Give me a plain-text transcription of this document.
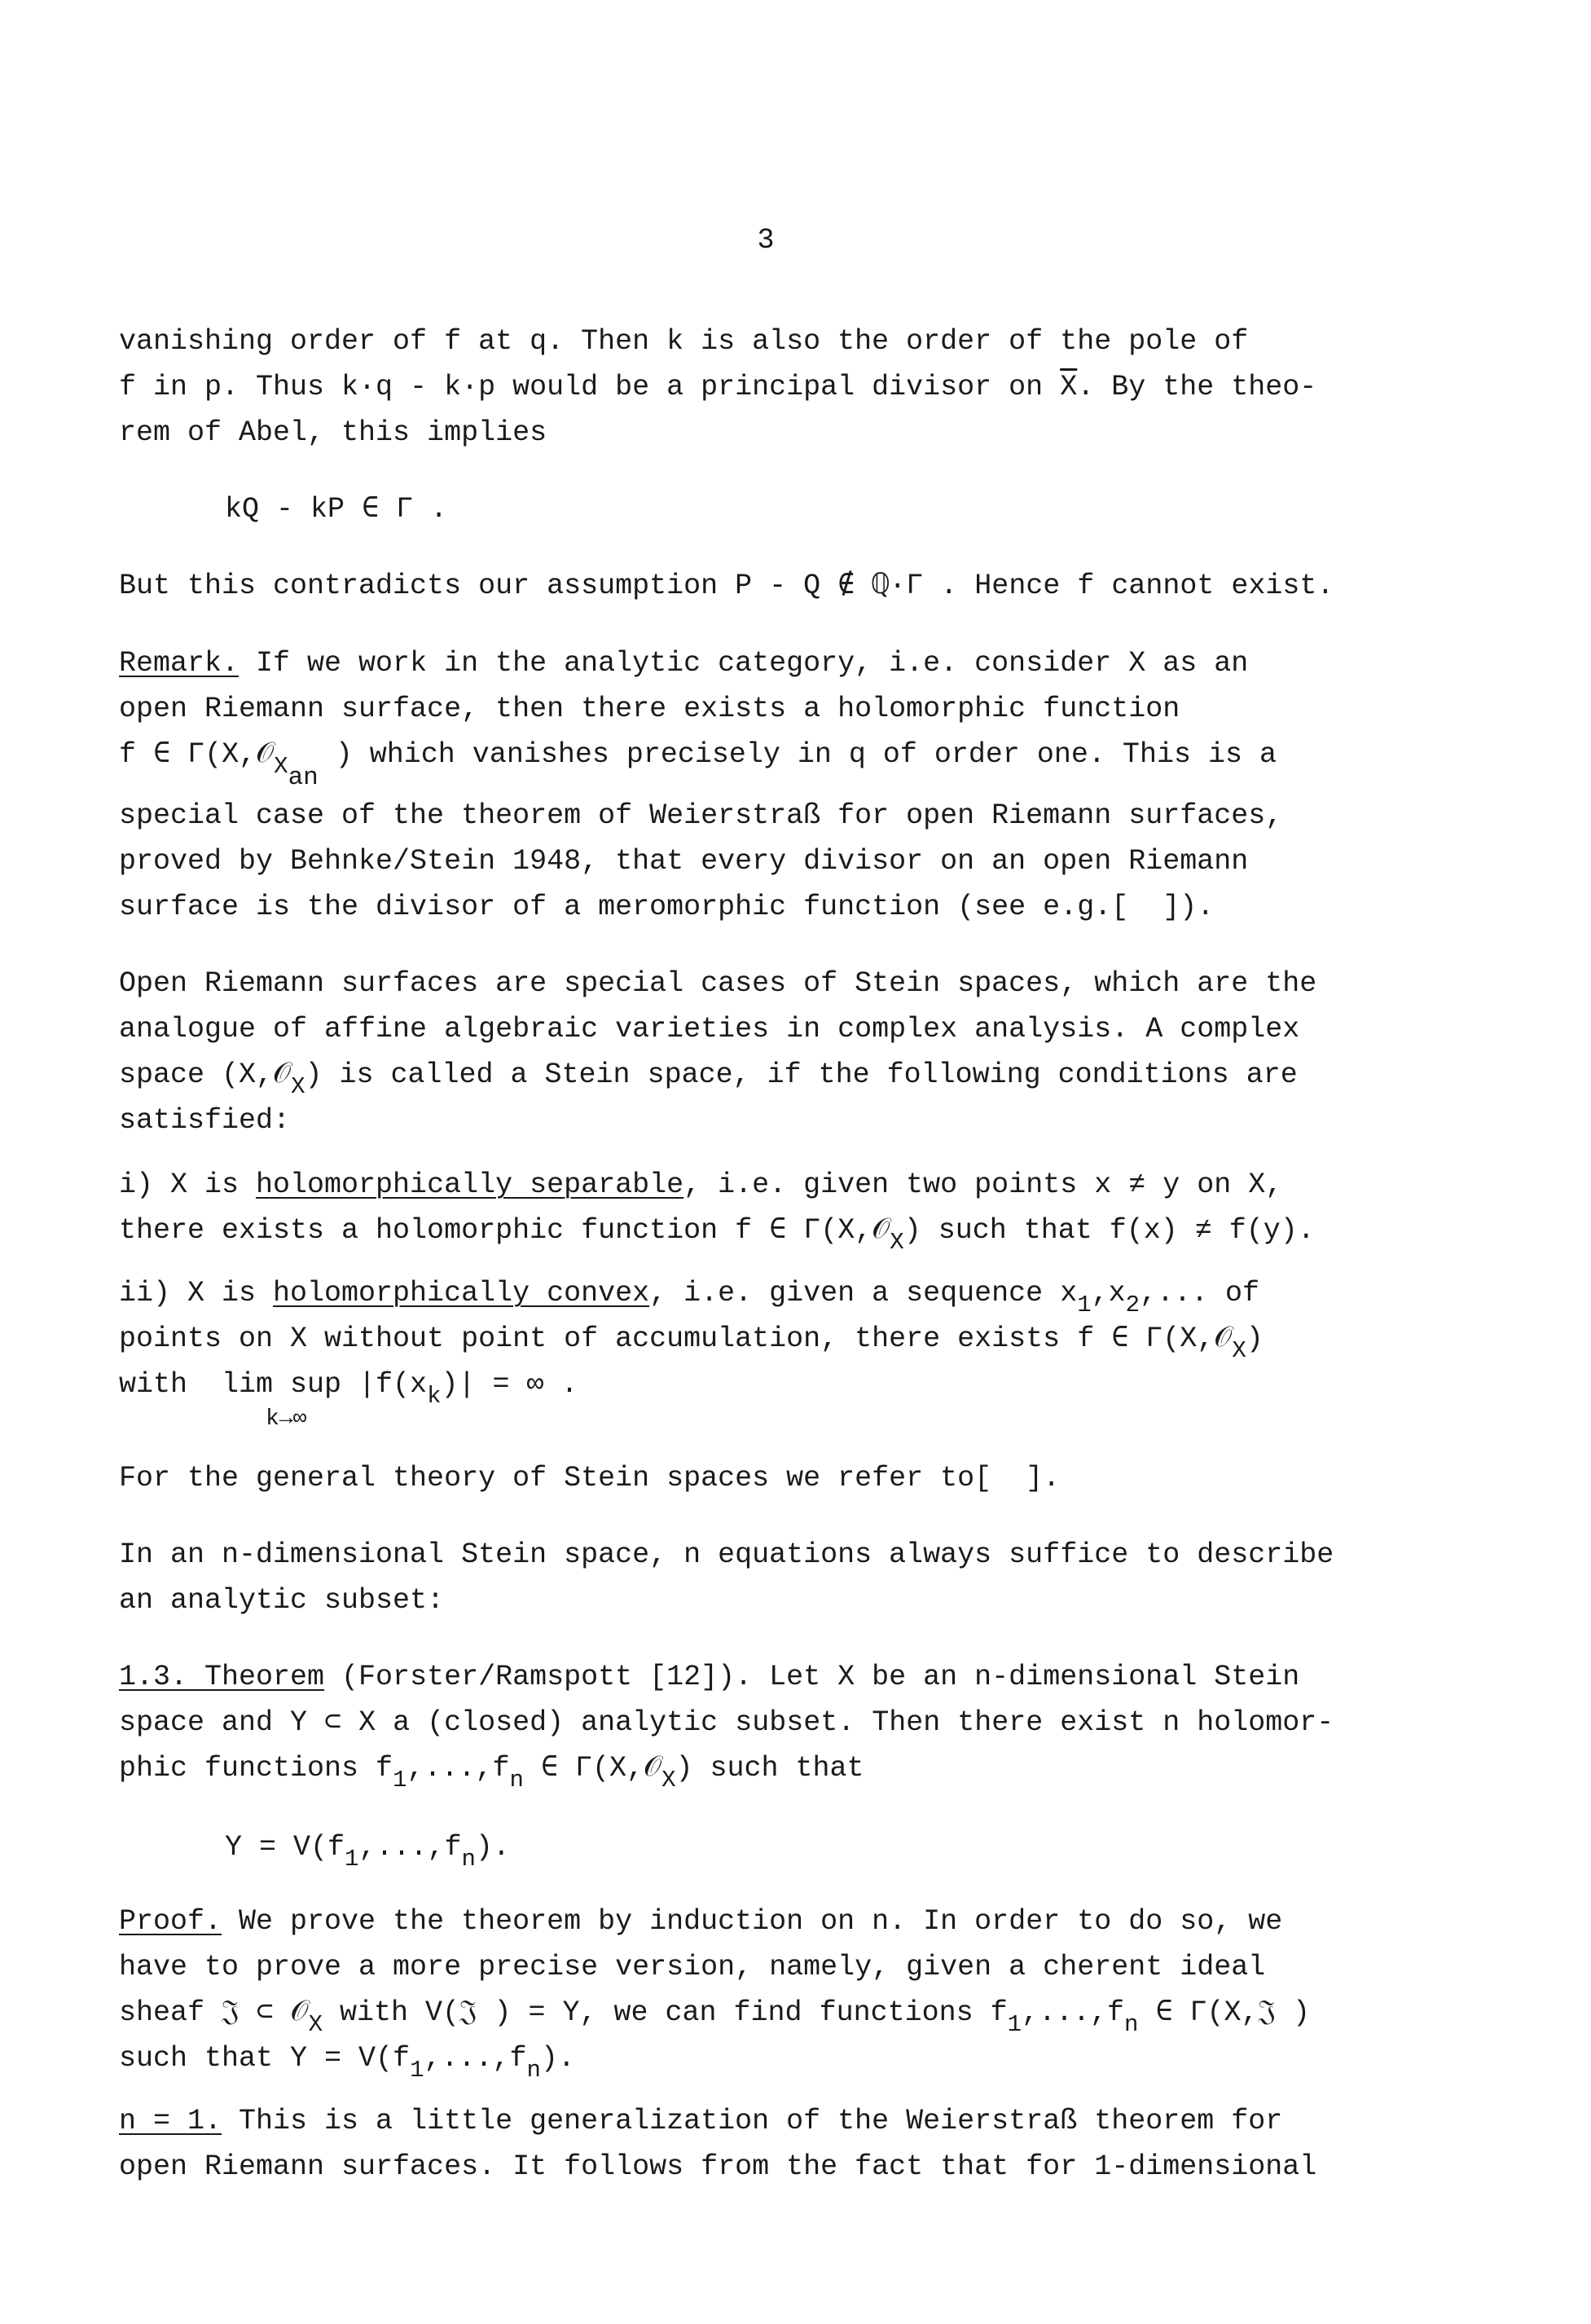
3
vanishing order of f at q. Then k is also the order of the pole of
f in p. Thus k·q - k·p would be a principal divisor on $\overline{X}$. By the theo-
rem of Abel, this implies
kQ - kP ∈ Γ .
But this contradicts our assumption P - Q ∉ ℚ·Γ . Hence f cannot exist.
Remark. If we work in the analytic category, i.e. consider X as an
open Riemann surface, then there exists a holomorphic function
f ∈ Γ(X,𝒪$_X$an ) which vanishes precisely in q of order one. This is a
special case of the theorem of Weierstraß for open Riemann surfaces,
proved by Behnke/Stein 1948, that every divisor on an open Riemann
surface is the divisor of a meromorphic function (see e.g.[  ]).
Open Riemann surfaces are special cases of Stein spaces, which are the
analogue of affine algebraic varieties in complex analysis. A complex
space (X,𝒪$_X$) is called a Stein space, if the following conditions are
satisfied:
i) X is holomorphically separable, i.e. given two points x ≠ y on X,
there exists a holomorphic function f ∈ Γ(X,𝒪$_X$) such that f(x) ≠ f(y).
ii) X is holomorphically convex, i.e. given a sequence $x_1,x_2$,... of
points on X without point of accumulation, there exists f ∈ Γ(X,𝒪$_X$)
with  lim sup $|f(x_k)|$ = ∞ .
k→∞
For the general theory of Stein spaces we refer to[  ].
In an n-dimensional Stein space, n equations always suffice to describe
an analytic subset:
1.3. Theorem (Forster/Ramspott [12]). Let X be an n-dimensional Stein
space and Y ⊂ X a (closed) analytic subset. Then there exist n holomor-
phic functions $f_1,...,f_n$ ∈ Γ(X,𝒪$_X$) such that
$Y = V(f_1,...,f_n)$.
Proof. We prove the theorem by induction on n. In order to do so, we
have to prove a more precise version, namely, given a cherent ideal
sheaf 𝔍 ⊂ 𝒪$_X$ with V(𝔍 ) = Y, we can find functions $f_1,...,f_n$ ∈ Γ(X,𝔍 )
such that $Y = V(f_1,...,f_n)$.
n = 1. This is a little generalization of the Weierstraß theorem for
open Riemann surfaces. It follows from the fact that for 1-dimensional
